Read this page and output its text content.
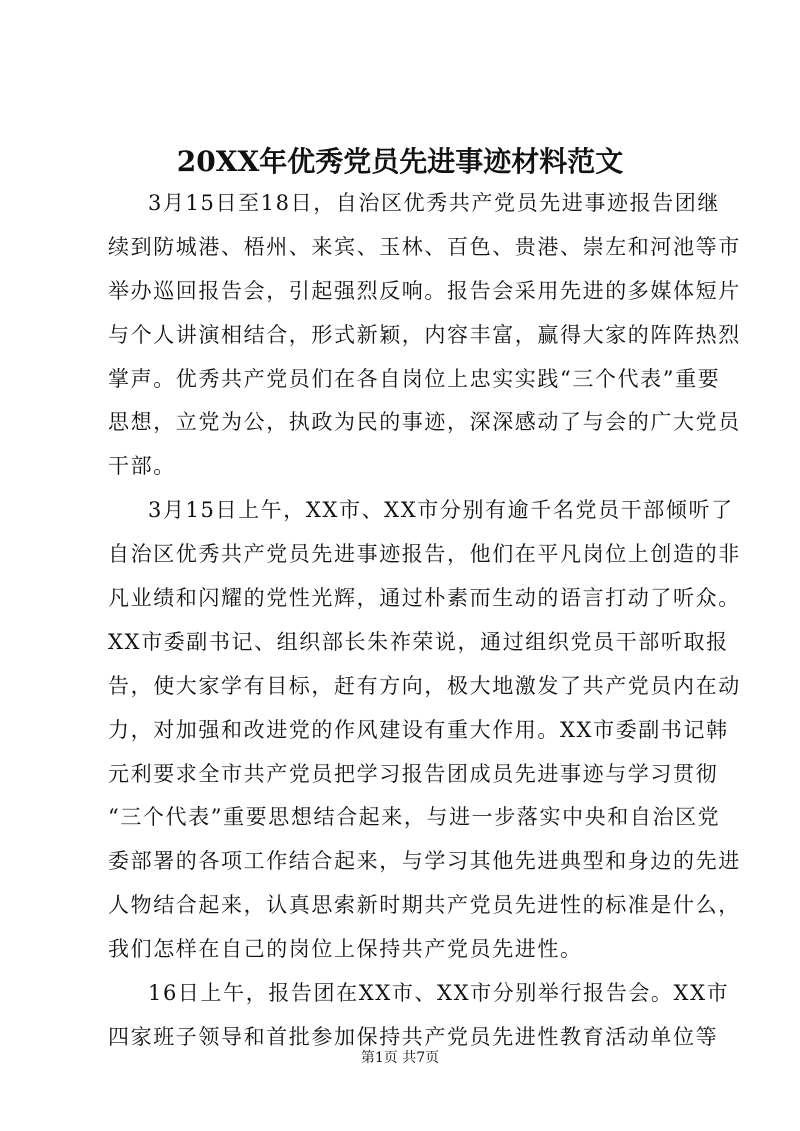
20XX年优秀党员先进事迹材料范文
3月15日至18日，自治区优秀共产党员先进事迹报告团继
续到防城港、梧州、来宾、玉林、百色、贵港、崇左和河池等市
举办巡回报告会，引起强烈反响。报告会采用先进的多媒体短片
与个人讲演相结合，形式新颖，内容丰富，赢得大家的阵阵热烈
掌声。优秀共产党员们在各自岗位上忠实实践“三个代表”重要
思想，立党为公，执政为民的事迹，深深感动了与会的广大党员
干部。
3月15日上午，XX市、XX市分别有逾千名党员干部倾听了
自治区优秀共产党员先进事迹报告，他们在平凡岗位上创造的非
凡业绩和闪耀的党性光辉，通过朴素而生动的语言打动了听众。
XX市委副书记、组织部长朱祚荣说，通过组织党员干部听取报
告，使大家学有目标，赶有方向，极大地激发了共产党员内在动
力，对加强和改进党的作风建设有重大作用。XX市委副书记韩
元利要求全市共产党员把学习报告团成员先进事迹与学习贯彻
“三个代表”重要思想结合起来，与进一步落实中央和自治区党
委部署的各项工作结合起来，与学习其他先进典型和身边的先进
人物结合起来，认真思索新时期共产党员先进性的标准是什么，
我们怎样在自己的岗位上保持共产党员先进性。
16日上午，报告团在XX市、XX市分别举行报告会。XX市
四家班子领导和首批参加保持共产党员先进性教育活动单位等
第1页 共7页
